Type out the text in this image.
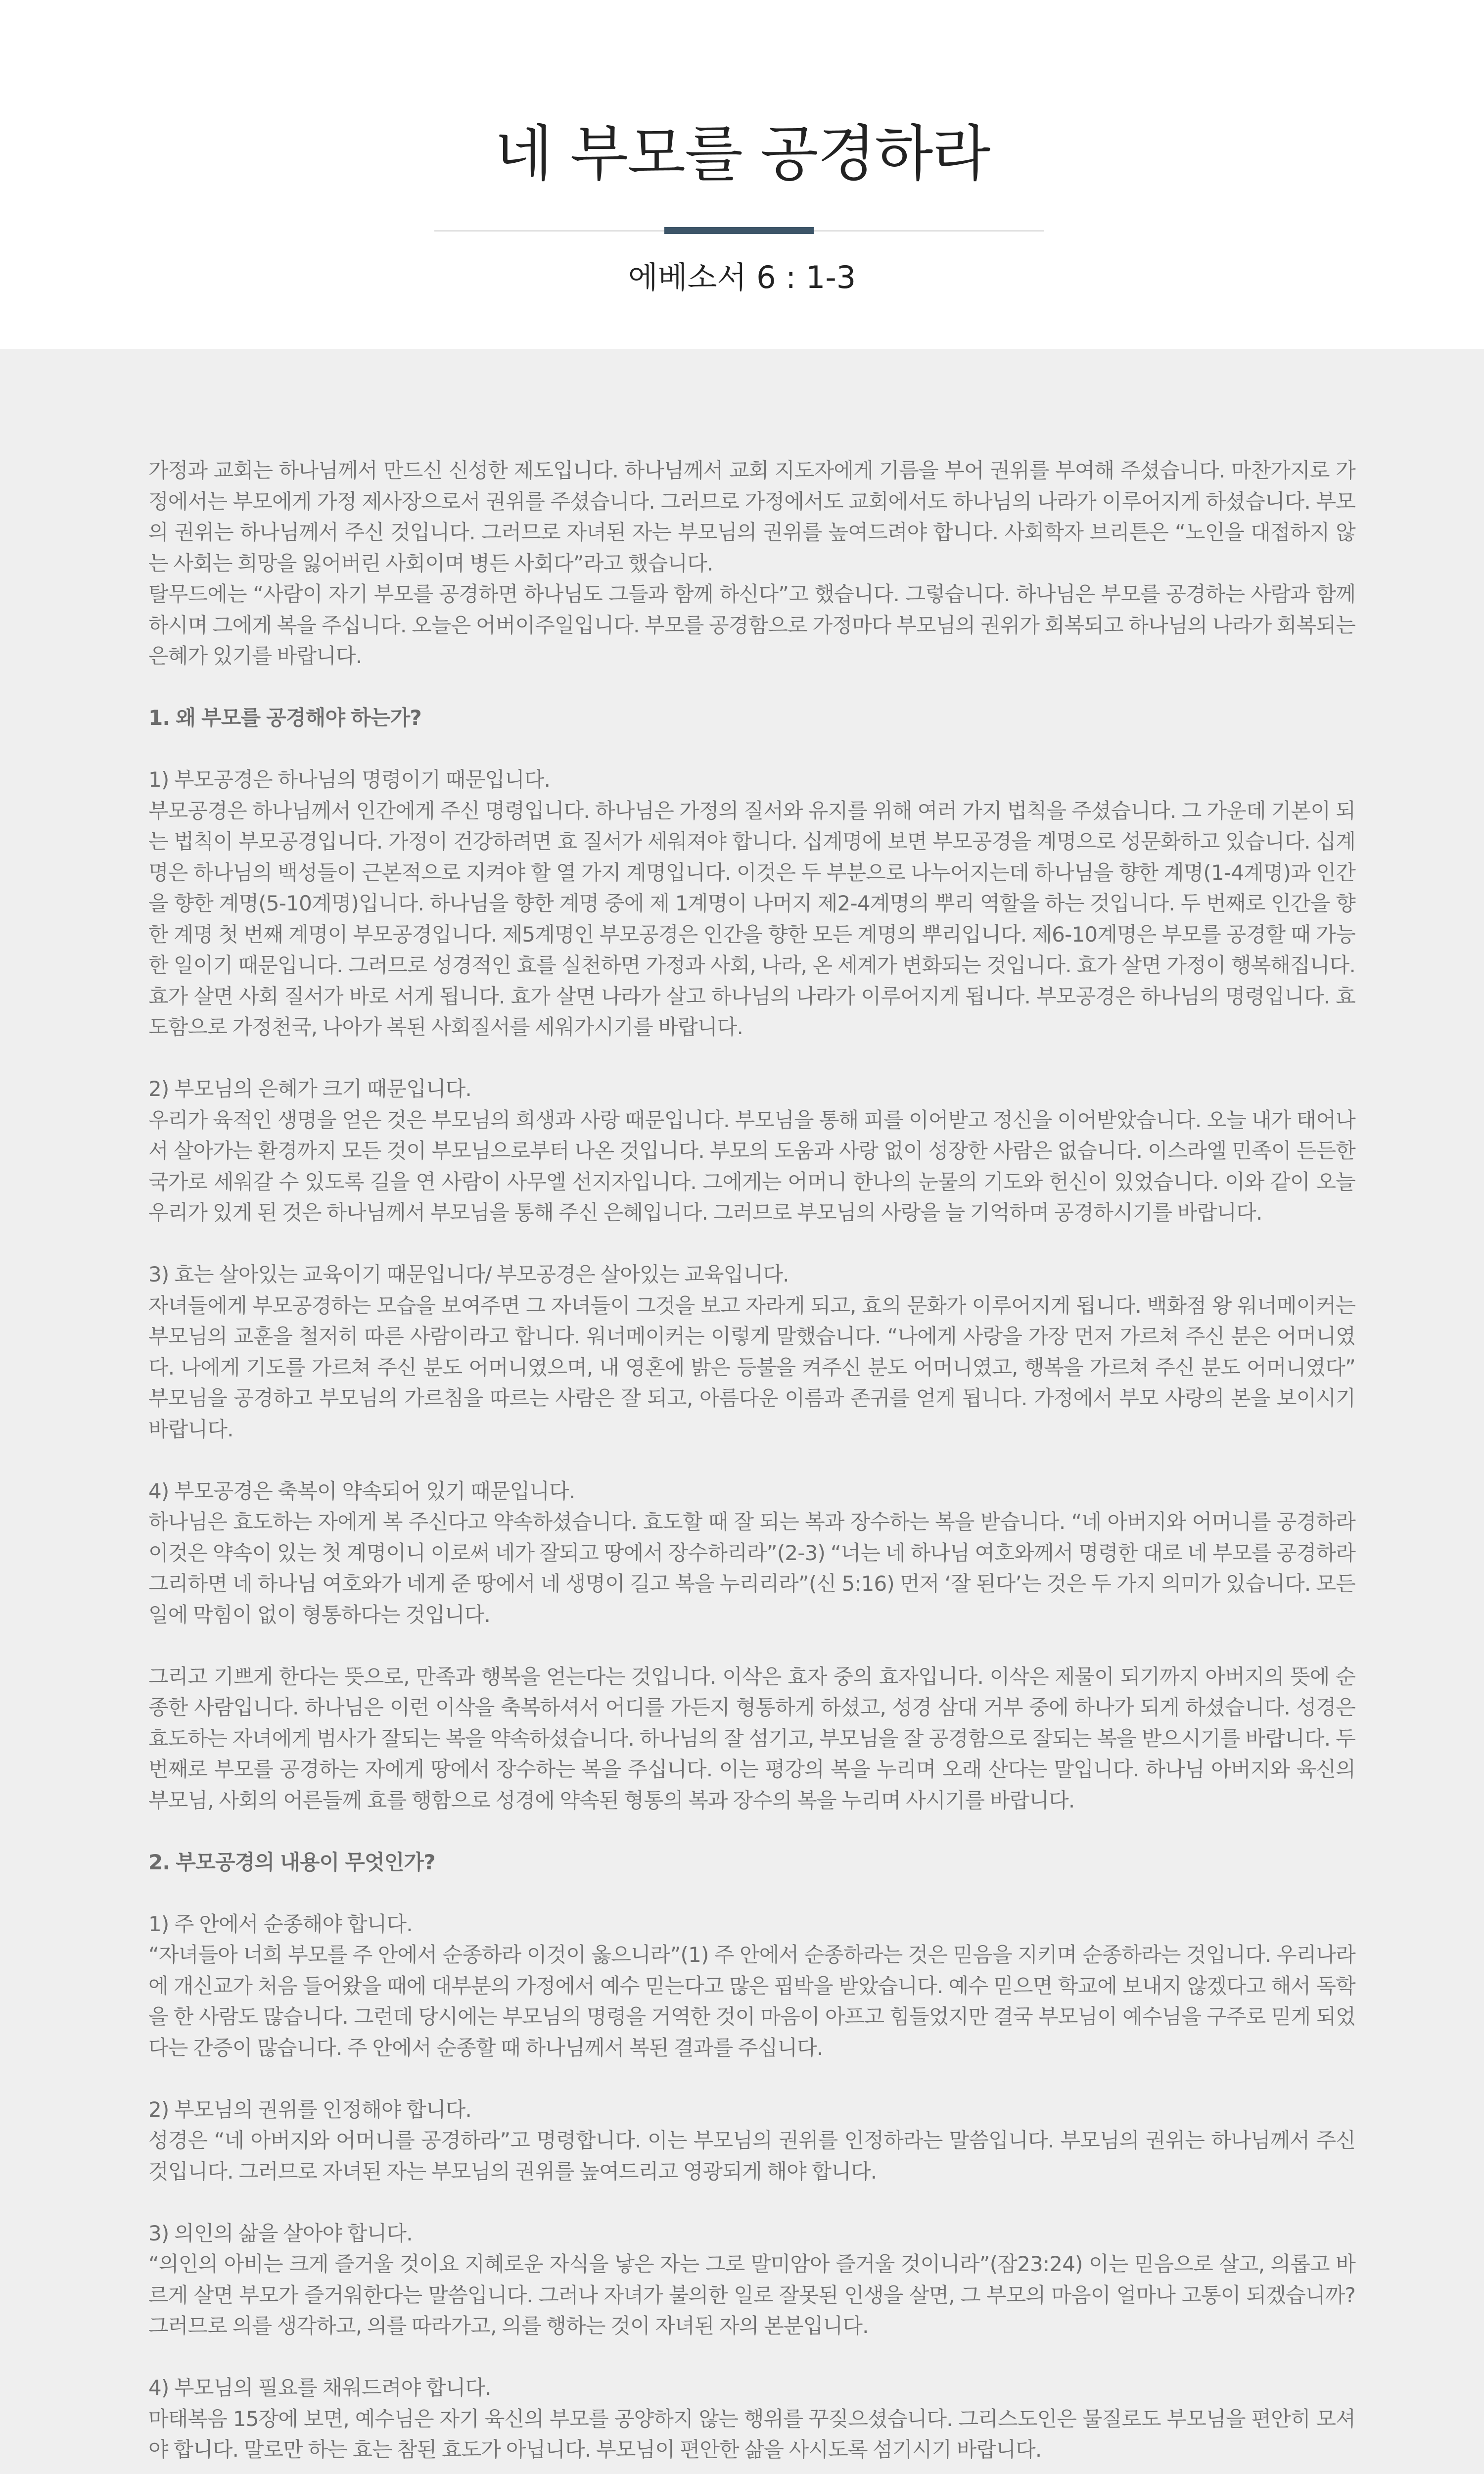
네 부모를 공경하라
에베소서 6 : 1-3

가정과 교회는 하나님께서 만드신 신성한 제도입니다. 하나님께서 교회 지도자에게 기름을 부어 권위를 부여해 주셨습니다. 마찬가지로 가정에서는 부모에게 가정 제사장으로서 권위를 주셨습니다. 그러므로 가정에서도 교회에서도 하나님의 나라가 이루어지게 하셨습니다. 부모의 권위는 하나님께서 주신 것입니다. 그러므로 자녀된 자는 부모님의 권위를 높여드려야 합니다. 사회학자 브리튼은 “노인을 대접하지 않는 사회는 희망을 잃어버린 사회이며 병든 사회다”라고 했습니다.

탈무드에는 “사람이 자기 부모를 공경하면 하나님도 그들과 함께 하신다”고 했습니다. 그렇습니다. 하나님은 부모를 공경하는 사람과 함께 하시며 그에게 복을 주십니다. 오늘은 어버이주일입니다. 부모를 공경함으로 가정마다 부모님의 권위가 회복되고 하나님의 나라가 회복되는 은혜가 있기를 바랍니다.

1. 왜 부모를 공경해야 하는가?

1) 부모공경은 하나님의 명령이기 때문입니다.

부모공경은 하나님께서 인간에게 주신 명령입니다. 하나님은 가정의 질서와 유지를 위해 여러 가지 법칙을 주셨습니다. 그 가운데 기본이 되는 법칙이 부모공경입니다. 가정이 건강하려면 효 질서가 세워져야 합니다. 십계명에 보면 부모공경을 계명으로 성문화하고 있습니다. 십계명은 하나님의 백성들이 근본적으로 지켜야 할 열 가지 계명입니다. 이것은 두 부분으로 나누어지는데 하나님을 향한 계명(1-4계명)과 인간을 향한 계명(5-10계명)입니다. 하나님을 향한 계명 중에 제 1계명이 나머지 제2-4계명의 뿌리 역할을 하는 것입니다. 두 번째로 인간을 향한 계명 첫 번째 계명이 부모공경입니다. 제5계명인 부모공경은 인간을 향한 모든 계명의 뿌리입니다. 제6-10계명은 부모를 공경할 때 가능한 일이기 때문입니다. 그러므로 성경적인 효를 실천하면 가정과 사회, 나라, 온 세계가 변화되는 것입니다. 효가 살면 가정이 행복해집니다. 효가 살면 사회 질서가 바로 서게 됩니다. 효가 살면 나라가 살고 하나님의 나라가 이루어지게 됩니다. 부모공경은 하나님의 명령입니다. 효도함으로 가정천국, 나아가 복된 사회질서를 세워가시기를 바랍니다.

2) 부모님의 은혜가 크기 때문입니다.

우리가 육적인 생명을 얻은 것은 부모님의 희생과 사랑 때문입니다. 부모님을 통해 피를 이어받고 정신을 이어받았습니다. 오늘 내가 태어나서 살아가는 환경까지 모든 것이 부모님으로부터 나온 것입니다. 부모의 도움과 사랑 없이 성장한 사람은 없습니다. 이스라엘 민족이 든든한 국가로 세워갈 수 있도록 길을 연 사람이 사무엘 선지자입니다. 그에게는 어머니 한나의 눈물의 기도와 헌신이 있었습니다. 이와 같이 오늘 우리가 있게 된 것은 하나님께서 부모님을 통해 주신 은혜입니다. 그러므로 부모님의 사랑을 늘 기억하며 공경하시기를 바랍니다.

3) 효는 살아있는 교육이기 때문입니다/ 부모공경은 살아있는 교육입니다.

자녀들에게 부모공경하는 모습을 보여주면 그 자녀들이 그것을 보고 자라게 되고, 효의 문화가 이루어지게 됩니다. 백화점 왕 워너메이커는 부모님의 교훈을 철저히 따른 사람이라고 합니다. 워너메이커는 이렇게 말했습니다. “나에게 사랑을 가장 먼저 가르쳐 주신 분은 어머니였다. 나에게 기도를 가르쳐 주신 분도 어머니였으며, 내 영혼에 밝은 등불을 켜주신 분도 어머니였고, 행복을 가르쳐 주신 분도 어머니였다” 부모님을 공경하고 부모님의 가르침을 따르는 사람은 잘 되고, 아름다운 이름과 존귀를 얻게 됩니다. 가정에서 부모 사랑의 본을 보이시기 바랍니다.

4) 부모공경은 축복이 약속되어 있기 때문입니다.

하나님은 효도하는 자에게 복 주신다고 약속하셨습니다. 효도할 때 잘 되는 복과 장수하는 복을 받습니다. “네 아버지와 어머니를 공경하라 이것은 약속이 있는 첫 계명이니 이로써 네가 잘되고 땅에서 장수하리라”(2-3) “너는 네 하나님 여호와께서 명령한 대로 네 부모를 공경하라 그리하면 네 하나님 여호와가 네게 준 땅에서 네 생명이 길고 복을 누리리라”(신 5:16) 먼저 ‘잘 된다’는 것은 두 가지 의미가 있습니다. 모든 일에 막힘이 없이 형통하다는 것입니다.

그리고 기쁘게 한다는 뜻으로, 만족과 행복을 얻는다는 것입니다. 이삭은 효자 중의 효자입니다. 이삭은 제물이 되기까지 아버지의 뜻에 순종한 사람입니다. 하나님은 이런 이삭을 축복하셔서 어디를 가든지 형통하게 하셨고, 성경 삼대 거부 중에 하나가 되게 하셨습니다. 성경은 효도하는 자녀에게 범사가 잘되는 복을 약속하셨습니다. 하나님의 잘 섬기고, 부모님을 잘 공경함으로 잘되는 복을 받으시기를 바랍니다. 두 번째로 부모를 공경하는 자에게 땅에서 장수하는 복을 주십니다. 이는 평강의 복을 누리며 오래 산다는 말입니다. 하나님 아버지와 육신의 부모님, 사회의 어른들께 효를 행함으로 성경에 약속된 형통의 복과 장수의 복을 누리며 사시기를 바랍니다.

2. 부모공경의 내용이 무엇인가?

1) 주 안에서 순종해야 합니다.

“자녀들아 너희 부모를 주 안에서 순종하라 이것이 옳으니라”(1) 주 안에서 순종하라는 것은 믿음을 지키며 순종하라는 것입니다. 우리나라에 개신교가 처음 들어왔을 때에 대부분의 가정에서 예수 믿는다고 많은 핍박을 받았습니다. 예수 믿으면 학교에 보내지 않겠다고 해서 독학을 한 사람도 많습니다. 그런데 당시에는 부모님의 명령을 거역한 것이 마음이 아프고 힘들었지만 결국 부모님이 예수님을 구주로 믿게 되었다는 간증이 많습니다. 주 안에서 순종할 때 하나님께서 복된 결과를 주십니다.

2) 부모님의 권위를 인정해야 합니다.

성경은 “네 아버지와 어머니를 공경하라”고 명령합니다. 이는 부모님의 권위를 인정하라는 말씀입니다. 부모님의 권위는 하나님께서 주신 것입니다. 그러므로 자녀된 자는 부모님의 권위를 높여드리고 영광되게 해야 합니다.

3) 의인의 삶을 살아야 합니다.

“의인의 아비는 크게 즐거울 것이요 지혜로운 자식을 낳은 자는 그로 말미암아 즐거울 것이니라”(잠23:24) 이는 믿음으로 살고, 의롭고 바르게 살면 부모가 즐거워한다는 말씀입니다. 그러나 자녀가 불의한 일로 잘못된 인생을 살면, 그 부모의 마음이 얼마나 고통이 되겠습니까? 그러므로 의를 생각하고, 의를 따라가고, 의를 행하는 것이 자녀된 자의 본분입니다.

4) 부모님의 필요를 채워드려야 합니다.

마태복음 15장에 보면, 예수님은 자기 육신의 부모를 공양하지 않는 행위를 꾸짖으셨습니다. 그리스도인은 물질로도 부모님을 편안히 모셔야 합니다. 말로만 하는 효는 참된 효도가 아닙니다. 부모님이 편안한 삶을 사시도록 섬기시기 바랍니다.
